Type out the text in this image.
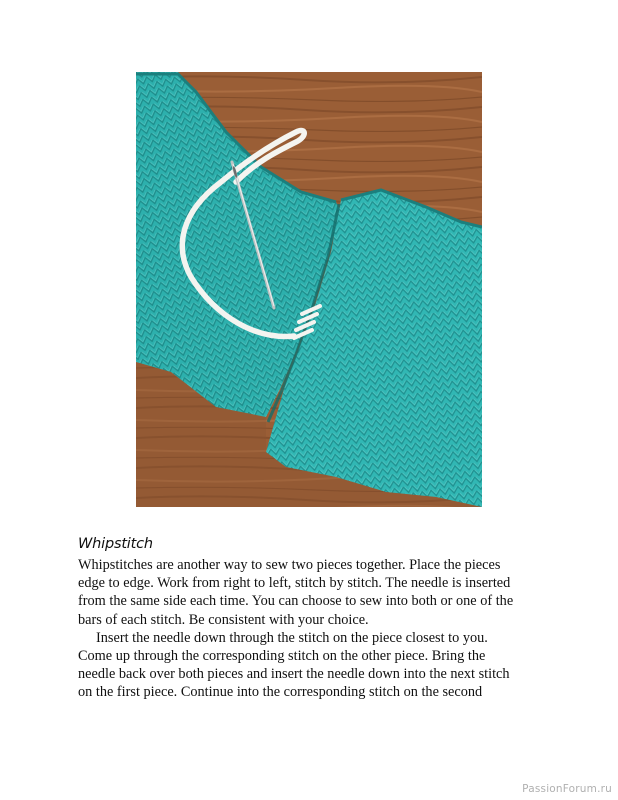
Whipstitch

Whipstitches are another way to sew two pieces together. Place the pieces
edge to edge. Work from right to left, stitch by stitch. The needle is inserted
from the same side each time. You can choose to sew into both or one of the
bars of each stitch. Be consistent with your choice.

Insert the needle down through the stitch on the piece closest to you.
Come up through the corresponding stitch on the other piece. Bring the
needle back over both pieces and insert the needle down into the next stitch
on the first piece. Continue into the corresponding stitch on the second

PassionForum.ru
